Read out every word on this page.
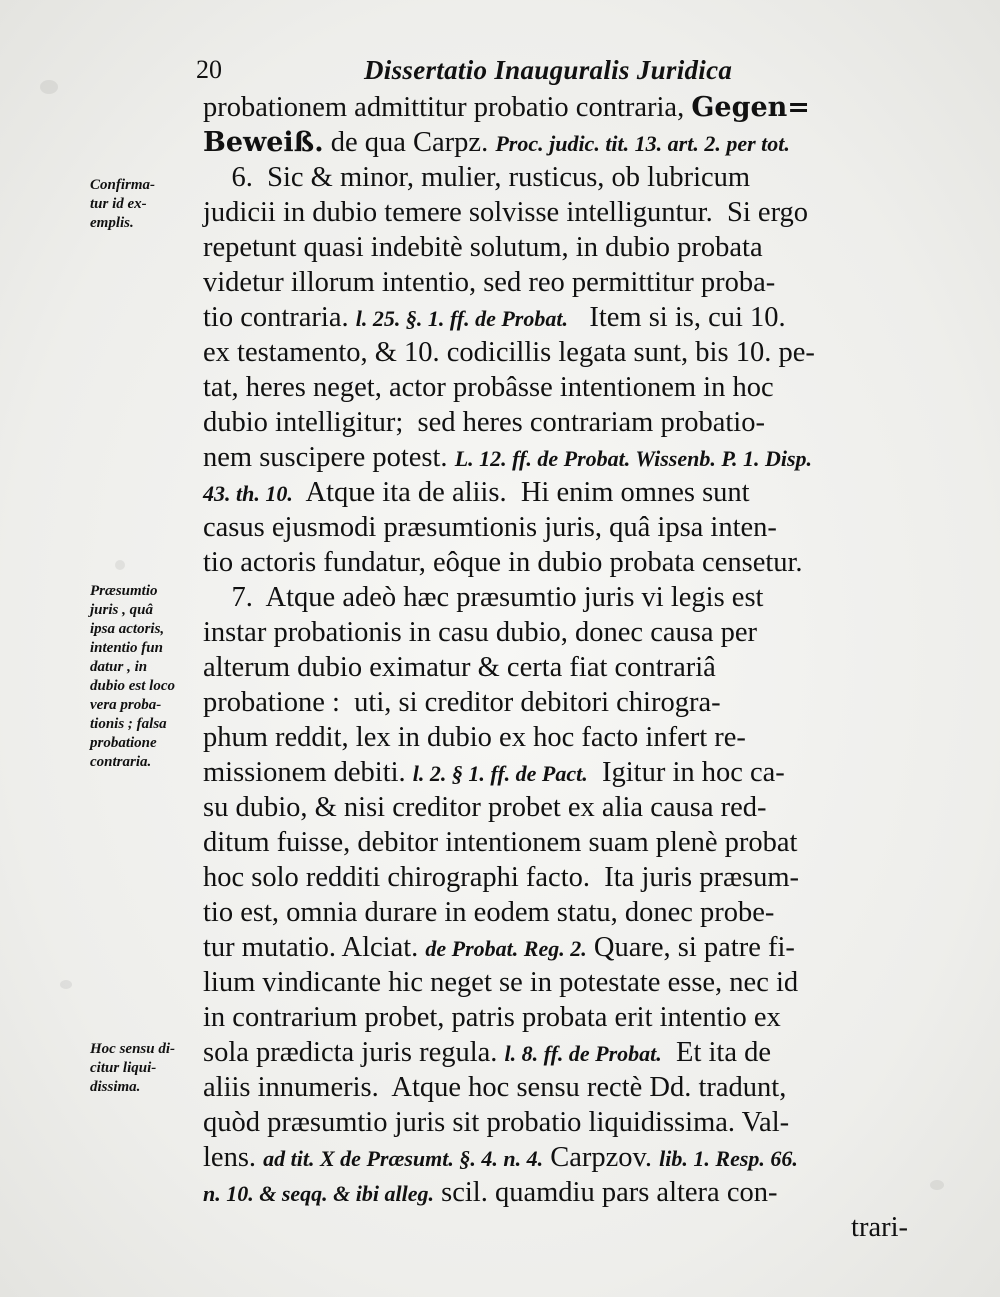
20	Dissertatio Inauguralis Juridica
Confirma-
tur id ex-
emplis.
Præsumtio
juris , quâ
ipsa actoris,
intentio fun
datur , in
dubio est loco
vera proba-
tionis ; falsa
probatione
contraria.
Hoc sensu di-
citur liqui-
dissima.
probationem admittitur probatio contraria, Gegen=
Beweiß. de qua Carpz. Proc. judic. tit. 13. art. 2. per tot.
6.  Sic & minor, mulier, rusticus, ob lubricum
judicii in dubio temere solvisse intelliguntur.  Si ergo
repetunt quasi indebitè solutum, in dubio probata
videtur illorum intentio, sed reo permittitur proba-
tio contraria. l. 25. §. 1. ff. de Probat.   Item si is, cui 10.
ex testamento, & 10. codicillis legata sunt, bis 10. pe-
tat, heres neget, actor probâsse intentionem in hoc
dubio intelligitur;  sed heres contrariam probatio-
nem suscipere potest. L. 12. ff. de Probat. Wissenb. P. 1. Disp.
43. th. 10.  Atque ita de aliis.  Hi enim omnes sunt
casus ejusmodi præsumtionis juris, quâ ipsa inten-
tio actoris fundatur, eôque in dubio probata censetur.
7.  Atque adeò hæc præsumtio juris vi legis est
instar probationis in casu dubio, donec causa per
alterum dubio eximatur & certa fiat contrariâ
probatione :  uti, si creditor debitori chirogra-
phum reddit, lex in dubio ex hoc facto infert re-
missionem debiti. l. 2. § 1. ff. de Pact.  Igitur in hoc ca-
su dubio, & nisi creditor probet ex alia causa red-
ditum fuisse, debitor intentionem suam plenè probat
hoc solo redditi chirographi facto.  Ita juris præsum-
tio est, omnia durare in eodem statu, donec probe-
tur mutatio. Alciat. de Probat. Reg. 2. Quare, si patre fi-
lium vindicante hic neget se in potestate esse, nec id
in contrarium probet, patris probata erit intentio ex
sola prædicta juris regula. l. 8. ff. de Probat.  Et ita de
aliis innumeris.  Atque hoc sensu rectè Dd. tradunt,
quòd præsumtio juris sit probatio liquidissima. Val-
lens. ad tit. X de Præsumt. §. 4. n. 4. Carpzov. lib. 1. Resp. 66.
n. 10. & seqq. & ibi alleg. scil. quamdiu pars altera con-
trari-
